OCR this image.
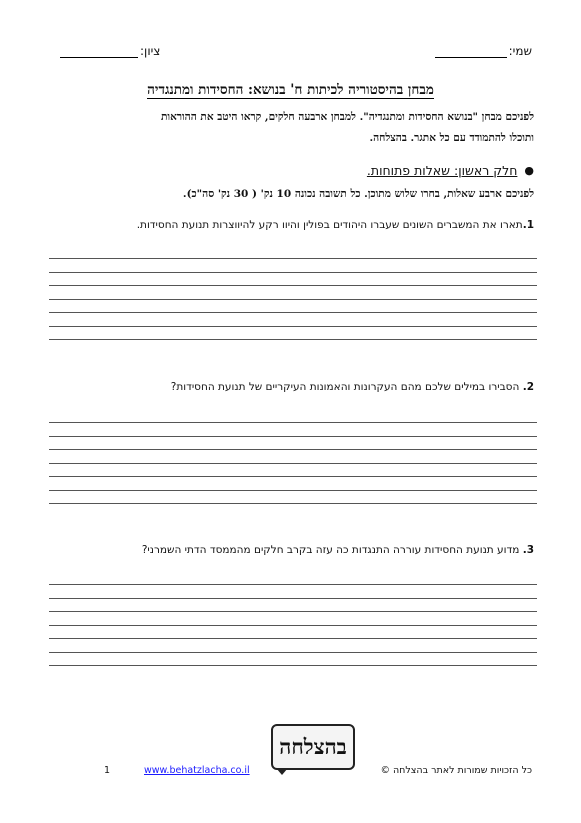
שמי:
ציון:
מבחן בהיסטוריה לכיתות ח' בנושא: החסידות ומתנגדיה
לפניכם מבחן "בנושא החסידות ומתנגדיה". למבחן ארבעה חלקים, קראו היטב את ההוראות
ותוכלו להתמודד עם כל אתגר. בהצלחה.
●
חלק ראשון: שאלות פתוחות.
לפניכם ארבע שאלות, בחרו שלוש מתוכן. כל תשובה נכונה 10 נק' ( 30 נק' סה"כ).
1.תארו את המשברים השונים שעברו היהודים בפולין והיוו רקע להיווצרות תנועת החסידות.
2. הסבירו במילים שלכם מהם העקרונות והאמונות העיקריים של תנועת החסידות?
3. מדוע תנועת החסידות עוררה התנגדות כה עזה בקרב חלקים מהממסד הדתי השמרני?
בהצלחה
1	www.behatzlacha.co.il	כל הזכויות שמורות לאתר בהצלחה ©
